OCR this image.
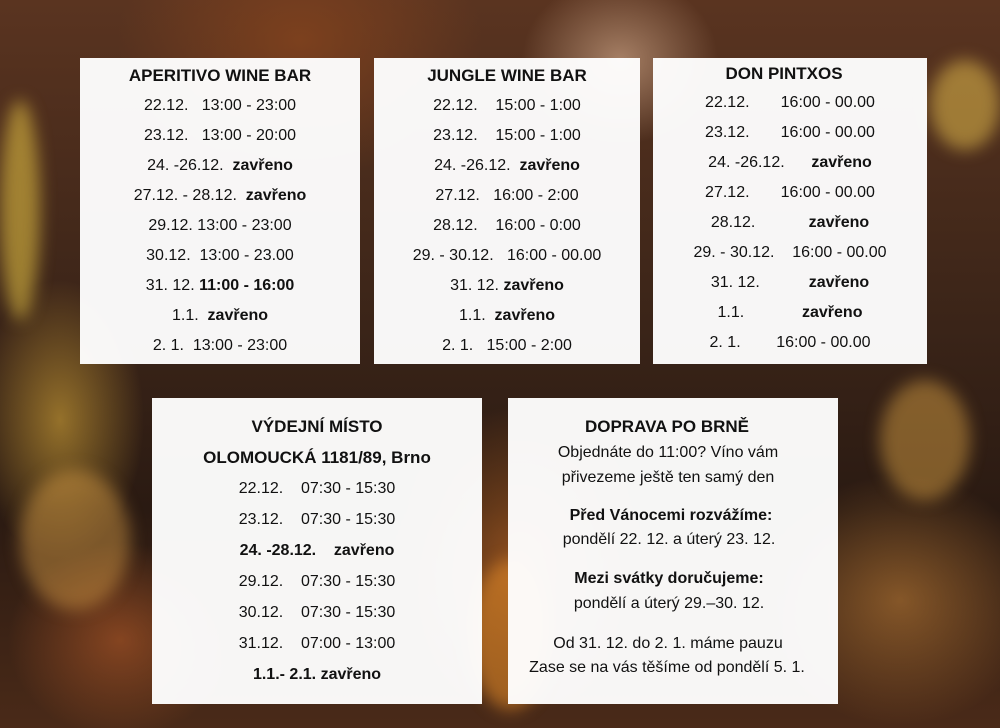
APERITIVO WINE BAR
22.12.   13:00 - 23:00
23.12.   13:00 - 20:00
24. -26.12. zavřeno
27.12. - 28.12. zavřeno
29.12. 13:00 - 23:00
30.12.  13:00 - 23.00
31. 12. 11:00 - 16:00
1.1. zavřeno
2. 1.  13:00 - 23:00
JUNGLE WINE BAR
22.12.    15:00 - 1:00
23.12.    15:00 - 1:00
24. -26.12. zavřeno
27.12.   16:00 - 2:00
28.12.    16:00 - 0:00
29. - 30.12.   16:00 - 00.00
31. 12. zavřeno
1.1. zavřeno
2. 1.   15:00 - 2:00
DON PINTXOS
22.12.       16:00 - 00.00
23.12.       16:00 - 00.00
24. -26.12. zavřeno
27.12.       16:00 - 00.00
28.12.	zavřeno
29. - 30.12.    16:00 - 00.00
31. 12.	zavřeno
1.1.	zavřeno
2. 1.        16:00 - 00.00
VÝDEJNÍ MÍSTO
OLOMOUCKÁ 1181/89, Brno
22.12.    07:30 - 15:30
23.12.    07:30 - 15:30
24. -28.12. zavřeno
29.12.    07:30 - 15:30
30.12.    07:30 - 15:30
31.12.    07:00 - 13:00
1.1.- 2.1. zavřeno
DOPRAVA PO BRNĚ
Objednáte do 11:00? Víno vám
přivezeme ještě ten samý den
Před Vánocemi rozvážíme:
pondělí 22. 12. a úterý 23. 12.
Mezi svátky doručujeme:
pondělí a úterý 29.–30. 12.
Od 31. 12. do 2. 1. máme pauzu
Zase se na vás těšíme od pondělí 5. 1.
